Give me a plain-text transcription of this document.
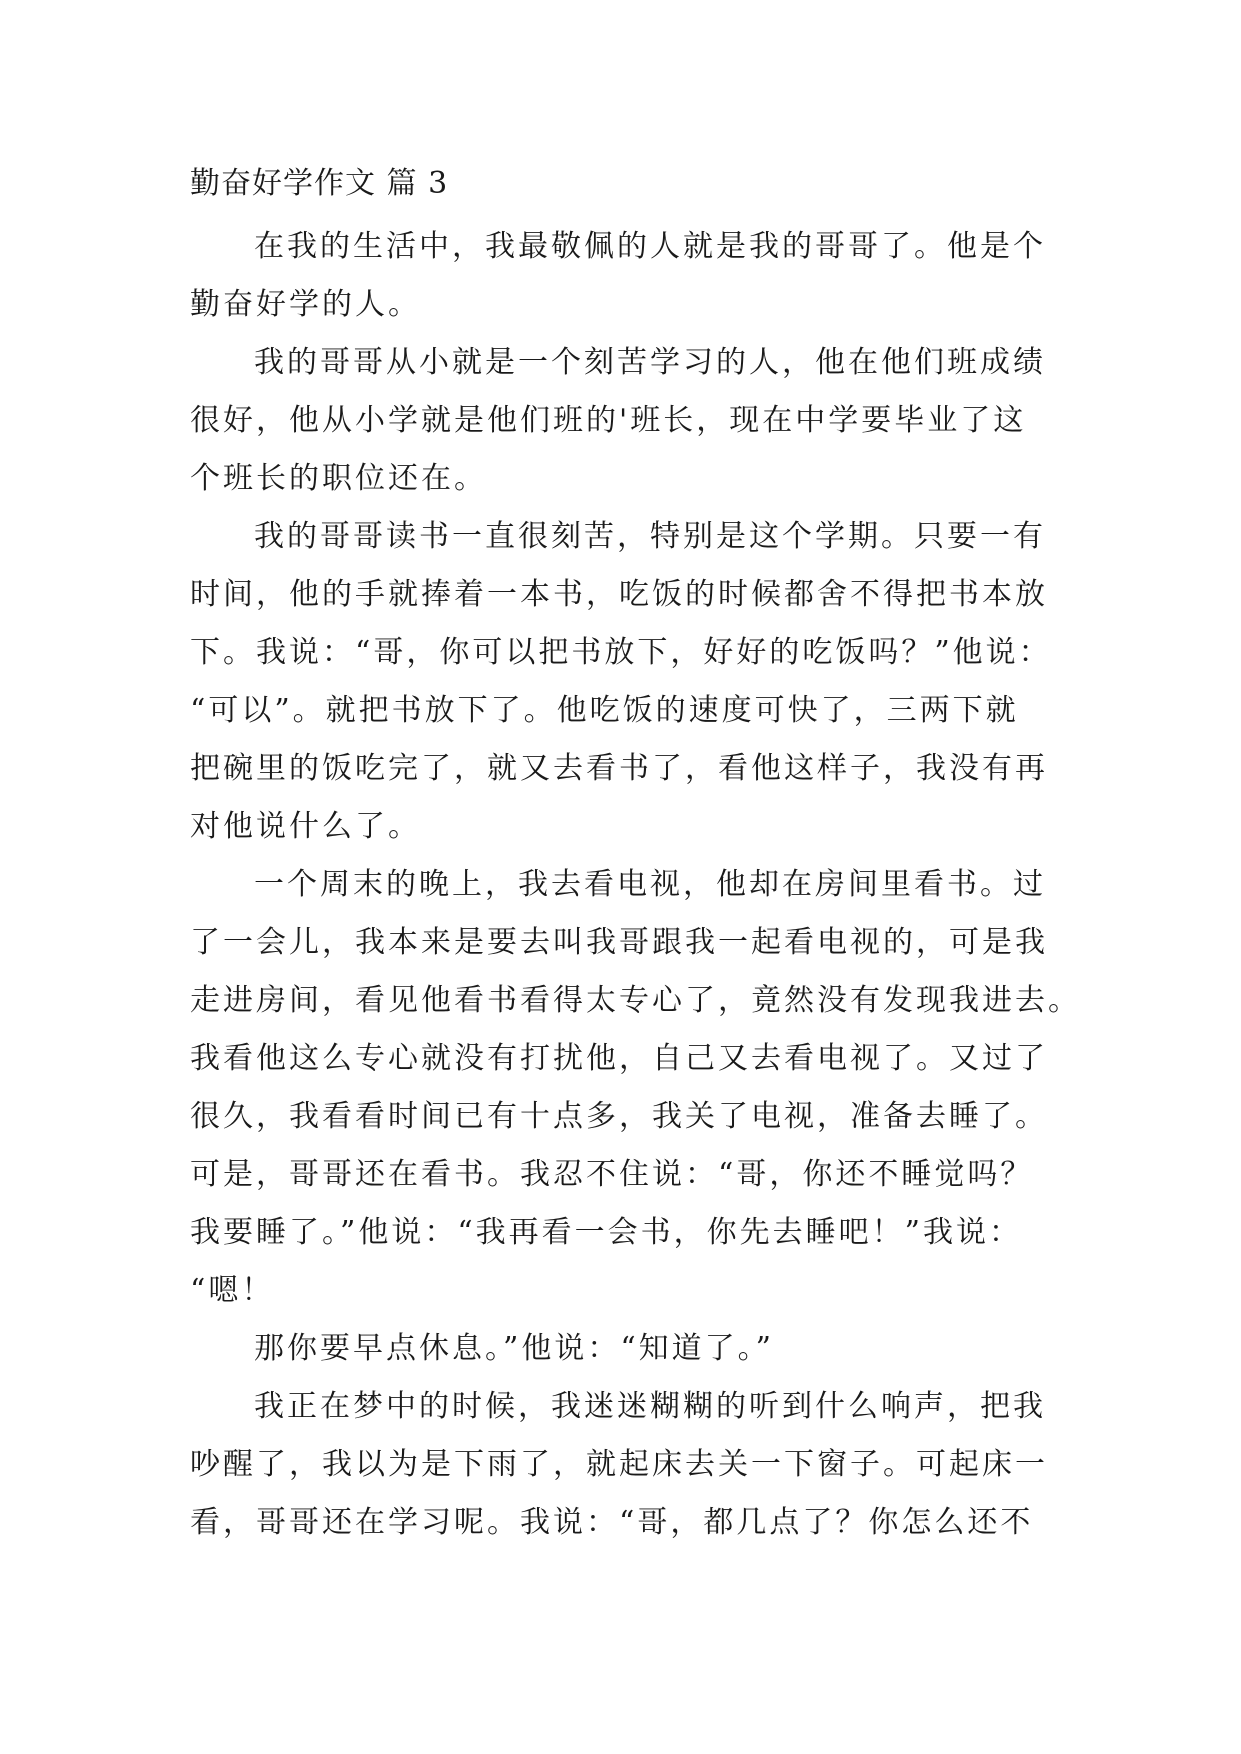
勤奋好学作文 篇 3
在我的生活中，我最敬佩的人就是我的哥哥了。他是个
勤奋好学的人。
我的哥哥从小就是一个刻苦学习的人，他在他们班成绩
很好，他从小学就是他们班的'班长，现在中学要毕业了这
个班长的职位还在。
我的哥哥读书一直很刻苦，特别是这个学期。只要一有
时间，他的手就捧着一本书，吃饭的时候都舍不得把书本放
下。我说：“哥，你可以把书放下，好好的吃饭吗？”他说：
“可以”。就把书放下了。他吃饭的速度可快了，三两下就
把碗里的饭吃完了，就又去看书了，看他这样子，我没有再
对他说什么了。
一个周末的晚上，我去看电视，他却在房间里看书。过
了一会儿，我本来是要去叫我哥跟我一起看电视的，可是我
走进房间，看见他看书看得太专心了，竟然没有发现我进去。
我看他这么专心就没有打扰他，自己又去看电视了。又过了
很久，我看看时间已有十点多，我关了电视，准备去睡了。
可是，哥哥还在看书。我忍不住说：“哥，你还不睡觉吗？
我要睡了。”他说：“我再看一会书，你先去睡吧！”我说：
“嗯！
那你要早点休息。”他说：“知道了。”
我正在梦中的时候，我迷迷糊糊的听到什么响声，把我
吵醒了，我以为是下雨了，就起床去关一下窗子。可起床一
看，哥哥还在学习呢。我说：“哥，都几点了？你怎么还不
